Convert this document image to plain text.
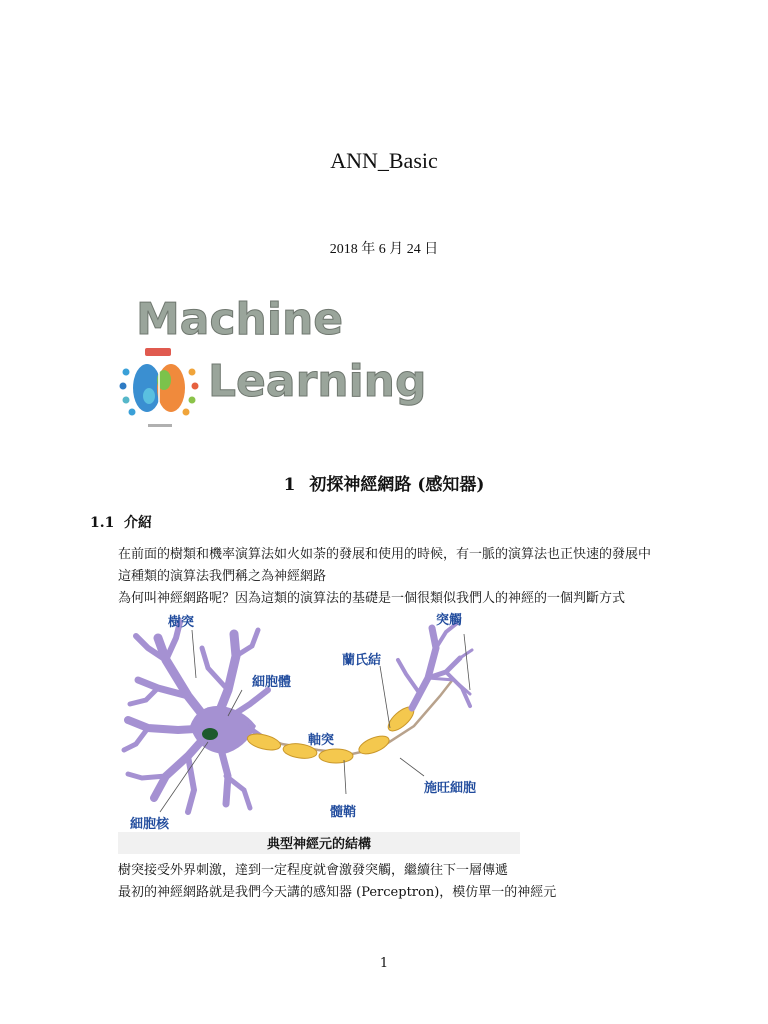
ANN_Basic
2018 年 6 月 24 日
Machine
Learning
1 初探神經網路 (感知器)
1.1 介紹
在前面的樹類和機率演算法如火如荼的發展和使用的時候，有一脈的演算法也正快速的發展中
這種類的演算法我們稱之為神經網路
為何叫神經網路呢？因為這類的演算法的基礎是一個很類似我們人的神經的一個判斷方式
樹突	突觸
蘭氏結
細胞體
軸突
施旺細胞
髓鞘
細胞核
典型神經元的結構
樹突接受外界刺激，達到一定程度就會激發突觸，繼續往下一層傳遞
最初的神經網路就是我們今天講的感知器 (Perceptron)，模仿單一的神經元
1
